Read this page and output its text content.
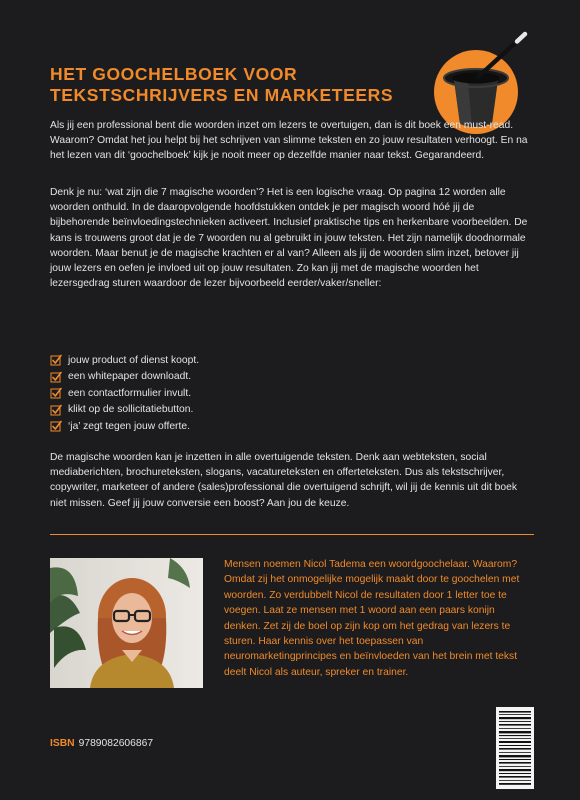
HET GOOCHELBOEK VOOR
TEKSTSCHRIJVERS EN MARKETEERS

Als jij een professional bent die woorden inzet om lezers te overtuigen, dan is dit boek een must-read. Waarom? Omdat het jou helpt bij het schrijven van slimme teksten en zo jouw resultaten verhoogt. En na het lezen van dit ‘goochelboek’ kijk je nooit meer op dezelfde manier naar tekst. Gegarandeerd.

Denk je nu: ‘wat zijn die 7 magische woorden’? Het is een logische vraag. Op pagina 12 worden alle woorden onthuld. In de daaropvolgende hoofdstukken ontdek je per magisch woord hóé jij de bijbehorende beïnvloedingstechnieken activeert. Inclusief praktische tips en herkenbare voorbeelden. De kans is trouwens groot dat je de 7 woorden nu al gebruikt in jouw teksten. Het zijn namelijk doodnormale woorden. Maar benut je de magische krachten er al van? Alleen als jij de woorden slim inzet, betover jij jouw lezers en oefen je invloed uit op jouw resultaten. Zo kan jij met de magische woorden het lezersgedrag sturen waardoor de lezer bijvoorbeeld eerder/vaker/sneller:

jouw product of dienst koopt.
een whitepaper downloadt.
een contactformulier invult.
klikt op de sollicitatiebutton.
‘ja’ zegt tegen jouw offerte.

De magische woorden kan je inzetten in alle overtuigende teksten. Denk aan webteksten, social mediaberichten, brochureteksten, slogans, vacatureteksten en offerteteksten. Dus als tekstschrijver, copywriter, marketeer of andere (sales)professional die overtuigend schrijft, wil jij de kennis uit dit boek niet missen. Geef jij jouw conversie een boost? Aan jou de keuze.

Mensen noemen Nicol Tadema een woordgoochelaar. Waarom? Omdat zij het onmogelijke mogelijk maakt door te goochelen met woorden. Zo verdubbelt Nicol de resultaten door 1 letter toe te voegen. Laat ze mensen met 1 woord aan een paars konijn denken. Zet zij de boel op zijn kop om het gedrag van lezers te sturen. Haar kennis over het toepassen van neuromarketingprincipes en beïnvloeden van het brein met tekst deelt Nicol als auteur, spreker en trainer.

ISBN 9789082606867
